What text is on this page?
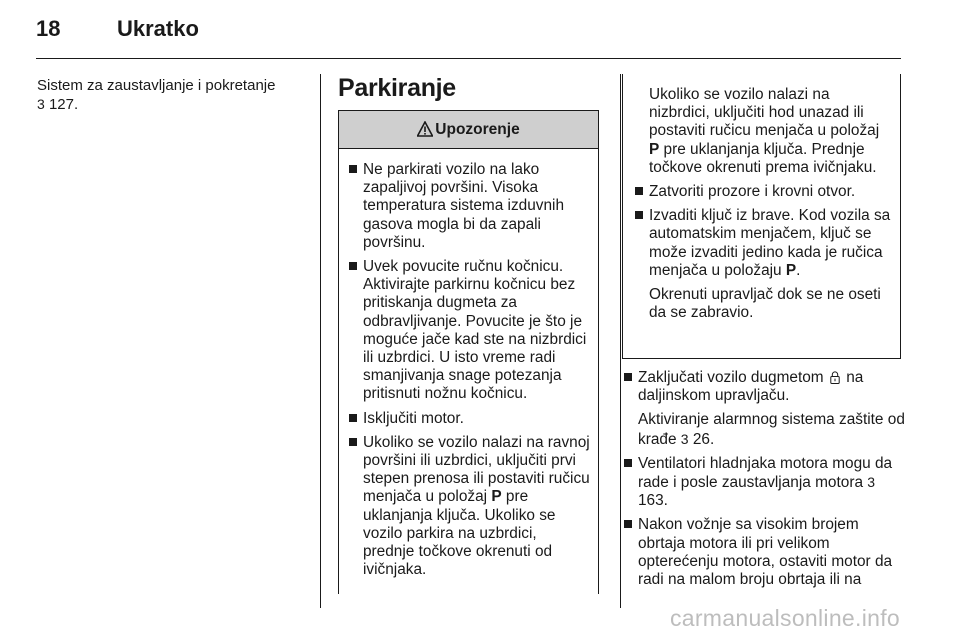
18	Ukratko

Sistem za zaustavljanje i pokretanje

3 127.

Parkiranje
Upozorenje
Ne parkirati vozilo na lako zapaljivoj površini. Visoka temperatura sistema izduvnih gasova mogla bi da zapali površinu.
Uvek povucite ručnu kočnicu. Aktivirajte parkirnu kočnicu bez pritiskanja dugmeta za odbravljivanje. Povucite je što je moguće jače kad ste na nizbrdici ili uzbrdici. U isto vreme radi smanjivanja snage potezanja pritisnuti nožnu kočnicu.
Isključiti motor.
Ukoliko se vozilo nalazi na ravnoj površini ili uzbrdici, uključiti prvi stepen prenosa ili postaviti ručicu menjača u položaj P pre uklanjanja ključa. Ukoliko se vozilo parkira na uzbrdici, prednje točkove okrenuti od ivičnjaka.

Ukoliko se vozilo nalazi na nizbrdici, uključiti hod unazad ili postaviti ručicu menjača u položaj P pre uklanjanja ključa. Prednje točkove okrenuti prema ivičnjaku.

Zatvoriti prozore i krovni otvor.
Izvaditi ključ iz brave. Kod vozila sa automatskim menjačem, ključ se može izvaditi jedino kada je ručica menjača u položaju P.

Okrenuti upravljač dok se ne oseti da se zabravio.

Zaključati vozilo dugmetom na daljinskom upravljaču.

Aktiviranje alarmnog sistema zaštite od krađe 3 26.

Ventilatori hladnjaka motora mogu da rade i posle zaustavljanja motora 3 163.
Nakon vožnje sa visokim brojem obrtaja motora ili pri velikom opterećenju motora, ostaviti motor da radi na malom broju obrtaja ili na
carmanualsonline.info
